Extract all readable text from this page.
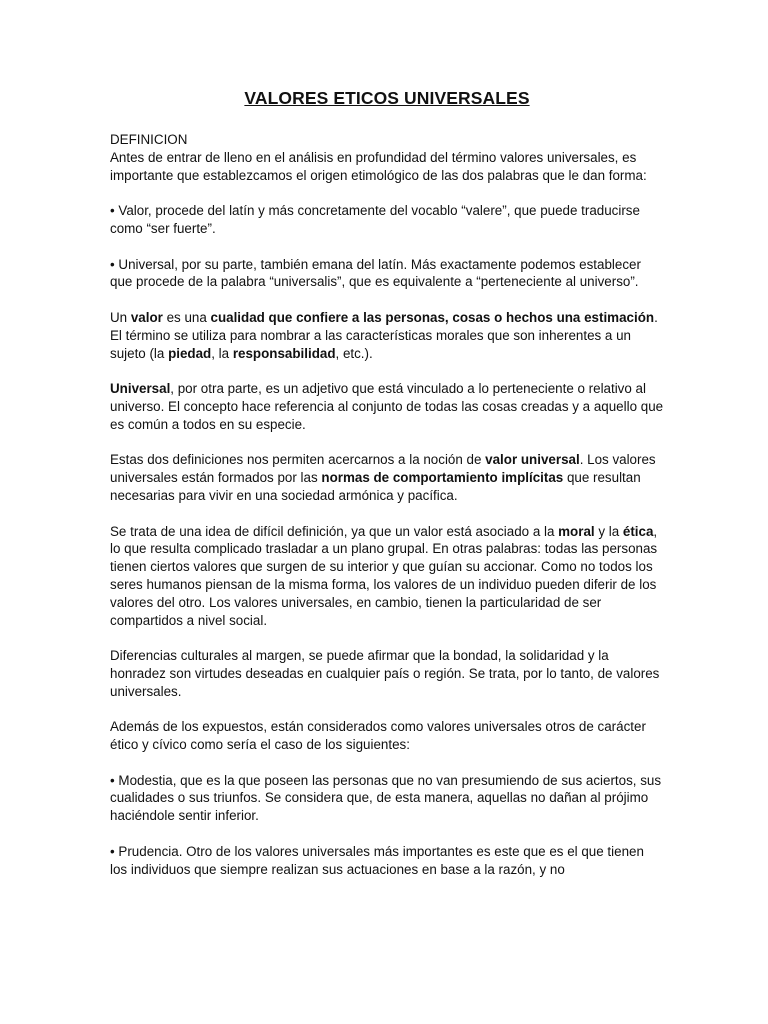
VALORES ETICOS UNIVERSALES
DEFINICION

Antes de entrar de lleno en el análisis en profundidad del término valores universales, es importante que establezcamos el origen etimológico de las dos palabras que le dan forma:

• Valor, procede del latín y más concretamente del vocablo “valere”, que puede traducirse como “ser fuerte”.

• Universal, por su parte, también emana del latín. Más exactamente podemos establecer que procede de la palabra “universalis”, que es equivalente a “perteneciente al universo”.

Un valor es una cualidad que confiere a las personas, cosas o hechos una estimación. El término se utiliza para nombrar a las características morales que son inherentes a un sujeto (la piedad, la responsabilidad, etc.).

Universal, por otra parte, es un adjetivo que está vinculado a lo perteneciente o relativo al universo. El concepto hace referencia al conjunto de todas las cosas creadas y a aquello que es común a todos en su especie.

Estas dos definiciones nos permiten acercarnos a la noción de valor universal. Los valores universales están formados por las normas de comportamiento implícitas que resultan necesarias para vivir en una sociedad armónica y pacífica.

Se trata de una idea de difícil definición, ya que un valor está asociado a la moral y la ética, lo que resulta complicado trasladar a un plano grupal. En otras palabras: todas las personas tienen ciertos valores que surgen de su interior y que guían su accionar. Como no todos los seres humanos piensan de la misma forma, los valores de un individuo pueden diferir de los valores del otro. Los valores universales, en cambio, tienen la particularidad de ser compartidos a nivel social.

Diferencias culturales al margen, se puede afirmar que la bondad, la solidaridad y la honradez son virtudes deseadas en cualquier país o región. Se trata, por lo tanto, de valores universales.

Además de los expuestos, están considerados como valores universales otros de carácter ético y cívico como sería el caso de los siguientes:

• Modestia, que es la que poseen las personas que no van presumiendo de sus aciertos, sus cualidades o sus triunfos. Se considera que, de esta manera, aquellas no dañan al prójimo haciéndole sentir inferior.

• Prudencia. Otro de los valores universales más importantes es este que es el que tienen los individuos que siempre realizan sus actuaciones en base a la razón, y no
